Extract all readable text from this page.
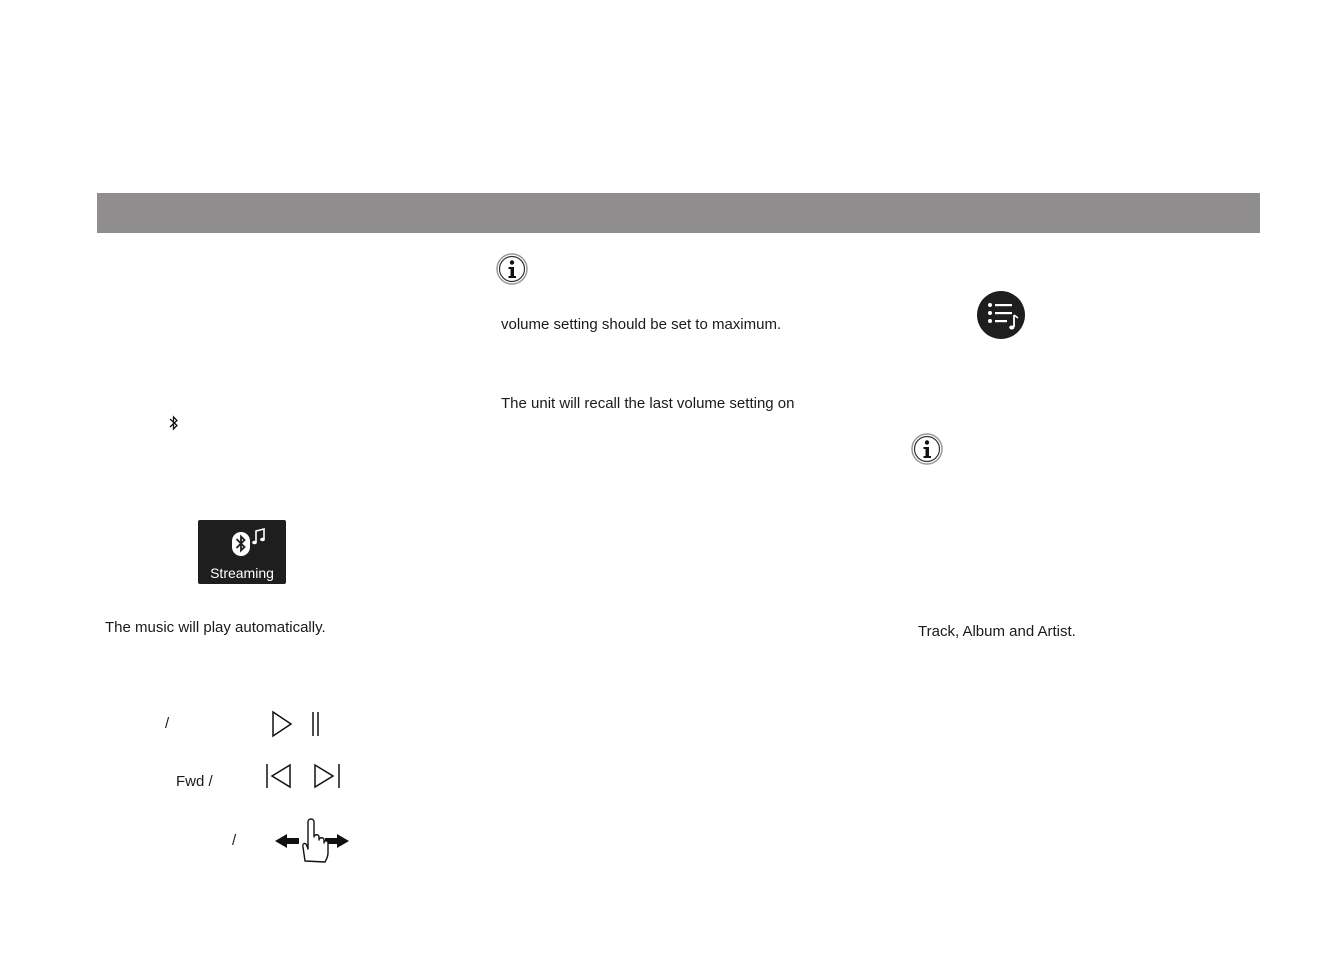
Streaming
The music will play automatically.
/
Fwd /
/
volume setting should be set to maximum.
The unit will recall the last volume setting on
Track, Album and Artist.
